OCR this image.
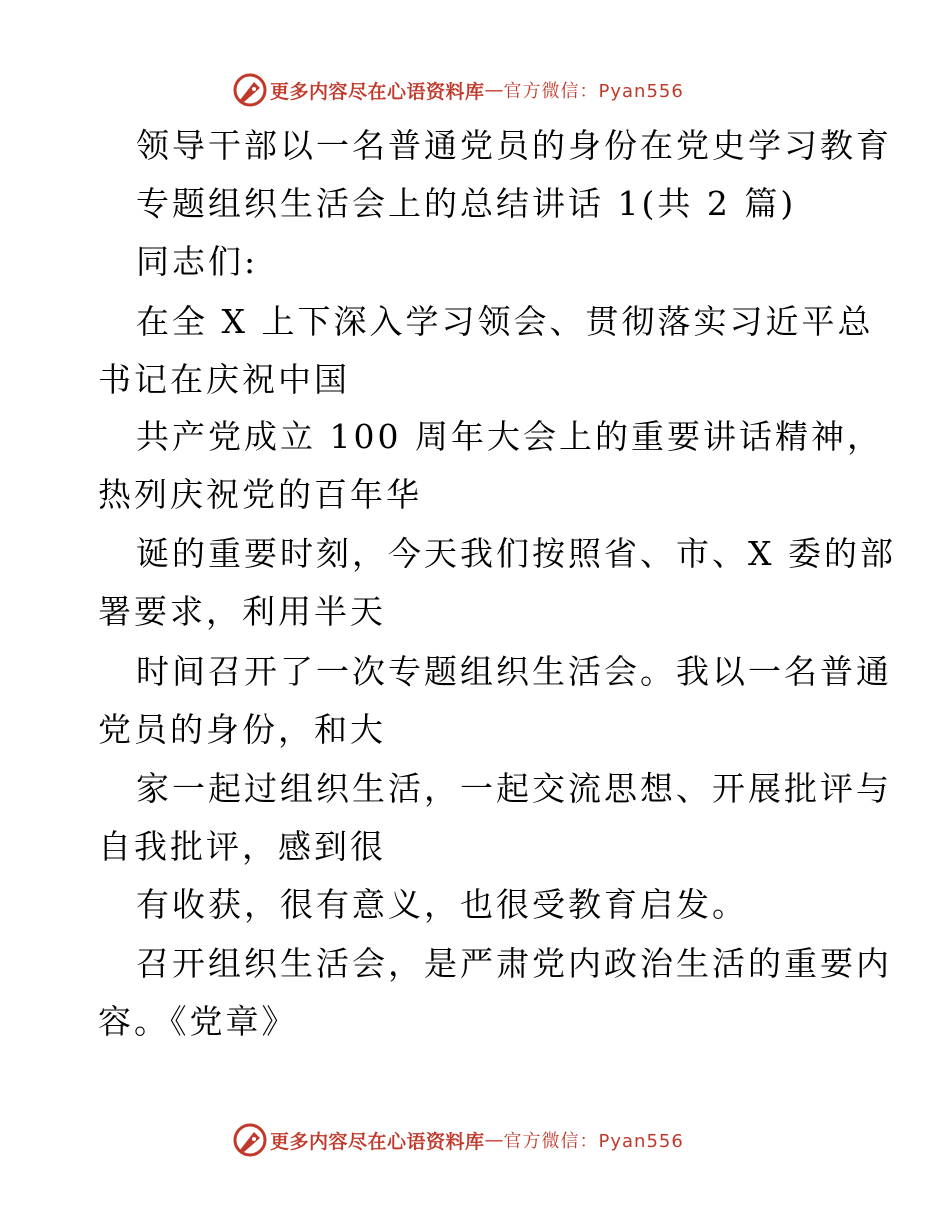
更多内容尽在心语资料库 — 官方微信：Pyan556
领导干部以一名普通党员的身份在党史学习教育
专题组织生活会上的总结讲话 1(共 2 篇)
同志们:
在全 X 上下深入学习领会、贯彻落实习近平总
书记在庆祝中国
共产党成立 100 周年大会上的重要讲话精神，
热列庆祝党的百年华
诞的重要时刻，今天我们按照省、市、X 委的部
署要求，利用半天
时间召开了一次专题组织生活会。我以一名普通
党员的身份，和大
家一起过组织生活，一起交流思想、开展批评与
自我批评，感到很
有收获，很有意义，也很受教育启发。
召开组织生活会，是严肃党内政治生活的重要内
容。《党章》
更多内容尽在心语资料库 — 官方微信：Pyan556
